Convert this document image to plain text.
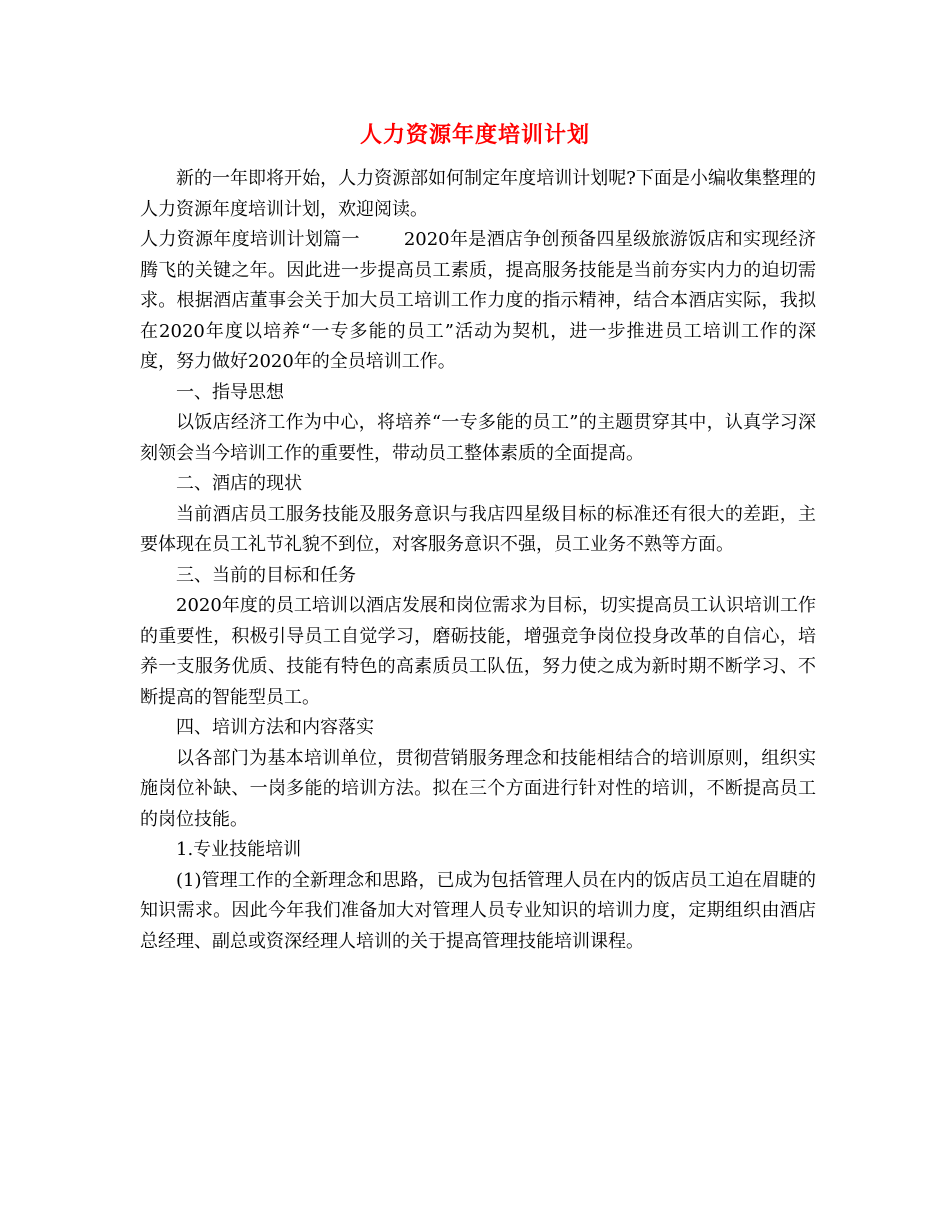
人力资源年度培训计划

新的一年即将开始，人力资源部如何制定年度培训计划呢?下面是小编收集整理的人力资源年度培训计划，欢迎阅读。

人力资源年度培训计划篇一 2020年是酒店争创预备四星级旅游饭店和实现经济腾飞的关键之年。因此进一步提高员工素质，提高服务技能是当前夯实内力的迫切需求。根据酒店董事会关于加大员工培训工作力度的指示精神，结合本酒店实际，我拟在2020年度以培养“一专多能的员工”活动为契机，进一步推进员工培训工作的深度，努力做好2020年的全员培训工作。

一、指导思想

以饭店经济工作为中心，将培养“一专多能的员工”的主题贯穿其中，认真学习深刻领会当今培训工作的重要性，带动员工整体素质的全面提高。

二、酒店的现状

当前酒店员工服务技能及服务意识与我店四星级目标的标准还有很大的差距，主要体现在员工礼节礼貌不到位，对客服务意识不强，员工业务不熟等方面。

三、当前的目标和任务

2020年度的员工培训以酒店发展和岗位需求为目标，切实提高员工认识培训工作的重要性，积极引导员工自觉学习，磨砺技能，增强竞争岗位投身改革的自信心，培养一支服务优质、技能有特色的高素质员工队伍，努力使之成为新时期不断学习、不断提高的智能型员工。

四、培训方法和内容落实

以各部门为基本培训单位，贯彻营销服务理念和技能相结合的培训原则，组织实施岗位补缺、一岗多能的培训方法。拟在三个方面进行针对性的培训，不断提高员工的岗位技能。

1.专业技能培训

(1)管理工作的全新理念和思路，已成为包括管理人员在内的饭店员工迫在眉睫的知识需求。因此今年我们准备加大对管理人员专业知识的培训力度，定期组织由酒店总经理、副总或资深经理人培训的关于提高管理技能培训课程。
